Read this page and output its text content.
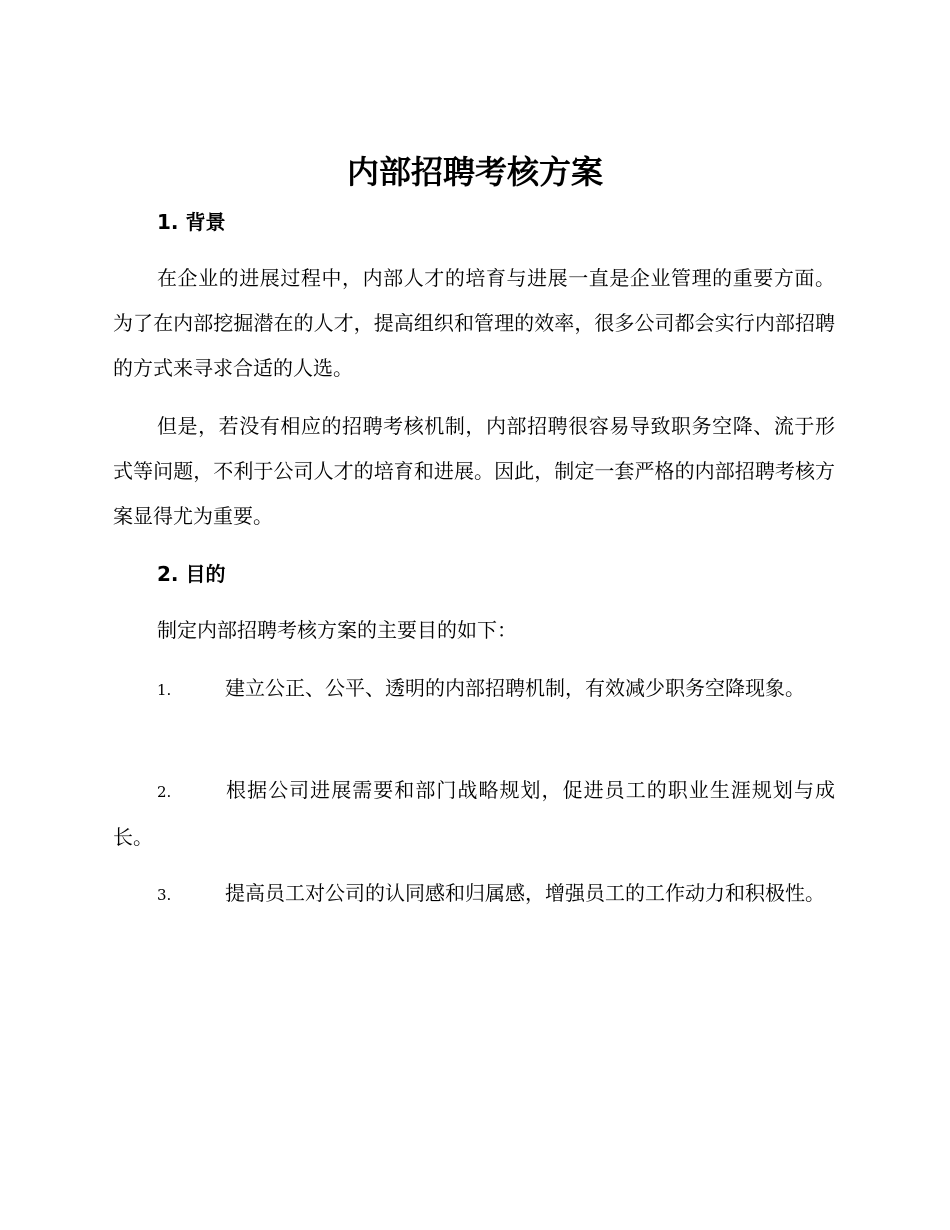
内部招聘考核方案
1. 背景

在企业的进展过程中，内部人才的培育与进展一直是企业管理的重要方面。为了在内部挖掘潜在的人才，提高组织和管理的效率，很多公司都会实行内部招聘的方式来寻求合适的人选。

但是，若没有相应的招聘考核机制，内部招聘很容易导致职务空降、流于形式等问题，不利于公司人才的培育和进展。因此，制定一套严格的内部招聘考核方案显得尤为重要。

2. 目的

制定内部招聘考核方案的主要目的如下：

1.	建立公正、公平、透明的内部招聘机制，有效减少职务空降现象。

2.	根据公司进展需要和部门战略规划，促进员工的职业生涯规划与成长。

3.	提高员工对公司的认同感和归属感，增强员工的工作动力和积极性。
